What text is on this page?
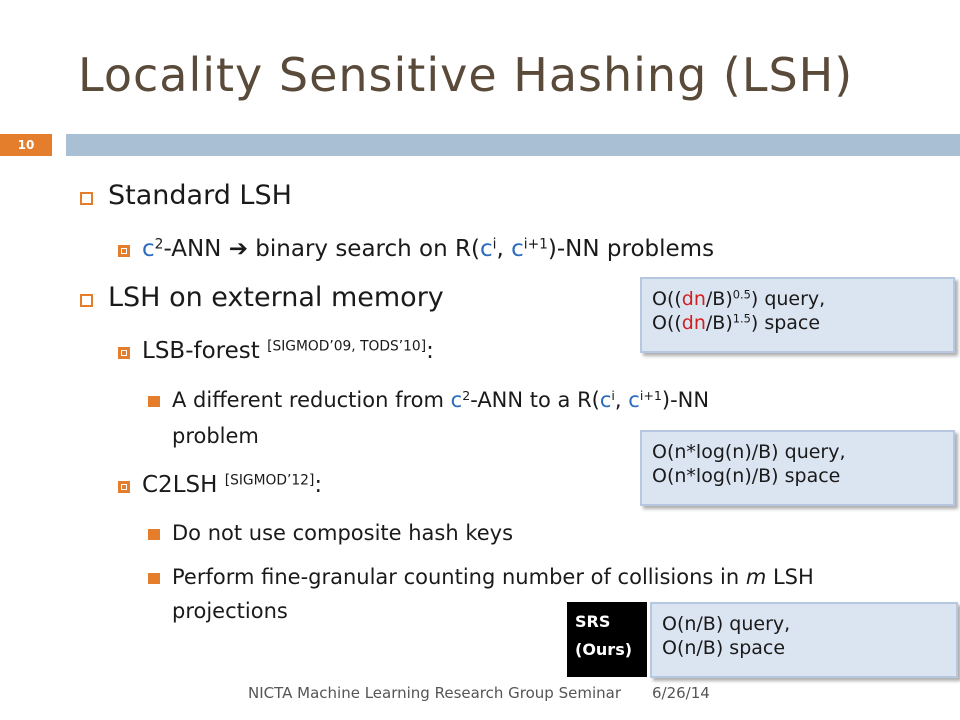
Locality Sensitive Hashing (LSH)
10
Standard LSH
$c^2$-ANN ➔ binary search on $R(c^i$, $c^{i+1})-NN$ problems
LSH on external memory
LSB-forest [SIGMOD’09, TODS’10]:
A different reduction from $c^2$-ANN to a $R(c^i$, $c^{i+1})-NN$
problem
C2LSH [SIGMOD’12]:
Do not use composite hash keys
Perform fine-granular counting number of collisions in m LSH
projections
$O((dn/B)^{0.5})$ query,
$O((dn/B)^{1.5})$ space
O(n*log(n)/B) query,
O(n*log(n)/B) space
SRS
(Ours)
O(n/B) query,
O(n/B) space
NICTA Machine Learning Research Group Seminar 6/26/14
